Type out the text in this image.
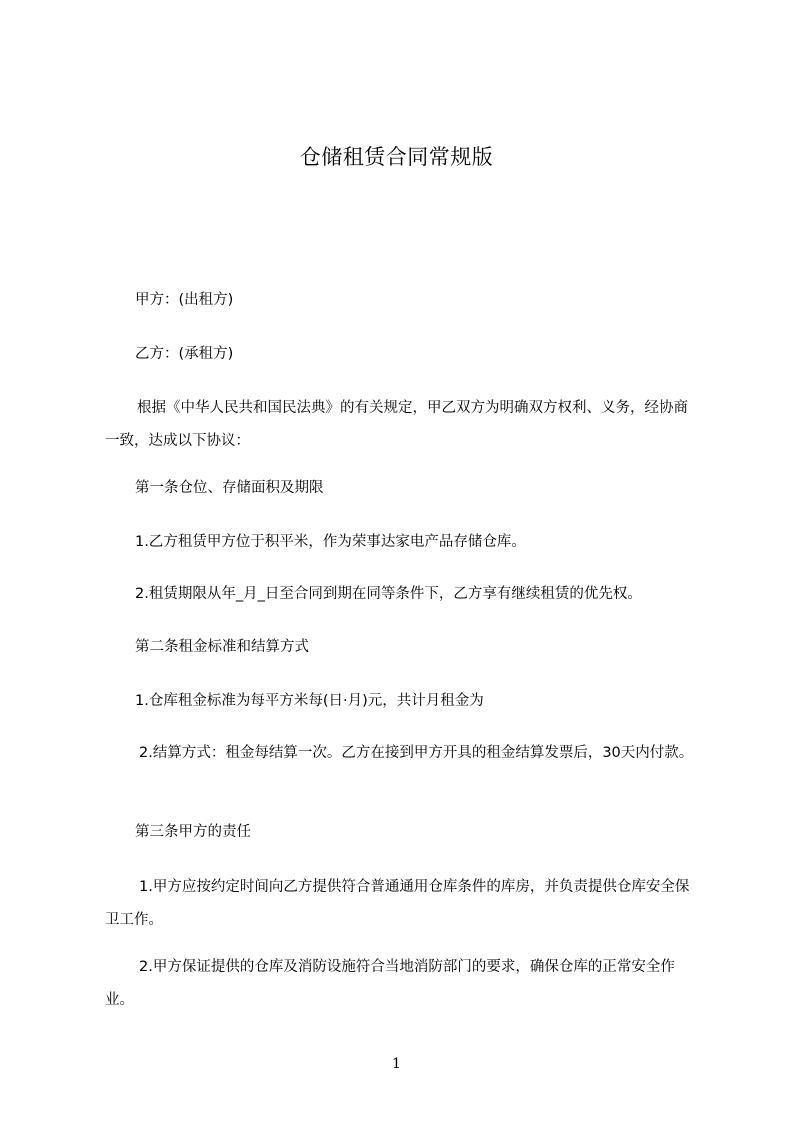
仓储租赁合同常规版

甲方：(出租方)

乙方：(承租方)

根据《中华人民共和国民法典》的有关规定，甲乙双方为明确双方权利、义务，经协商一致，达成以下协议：

第一条仓位、存储面积及期限

1.乙方租赁甲方位于积平米，作为荣事达家电产品存储仓库。

2.租赁期限从年_月_日至合同到期在同等条件下，乙方享有继续租赁的优先权。

第二条租金标准和结算方式

1.仓库租金标准为每平方米每(日·月)元，共计月租金为

2.结算方式：租金每结算一次。乙方在接到甲方开具的租金结算发票后，30天内付款。

第三条甲方的责任

1.甲方应按约定时间向乙方提供符合普通通用仓库条件的库房，并负责提供仓库安全保卫工作。

2.甲方保证提供的仓库及消防设施符合当地消防部门的要求，确保仓库的正常安全作业。

1
